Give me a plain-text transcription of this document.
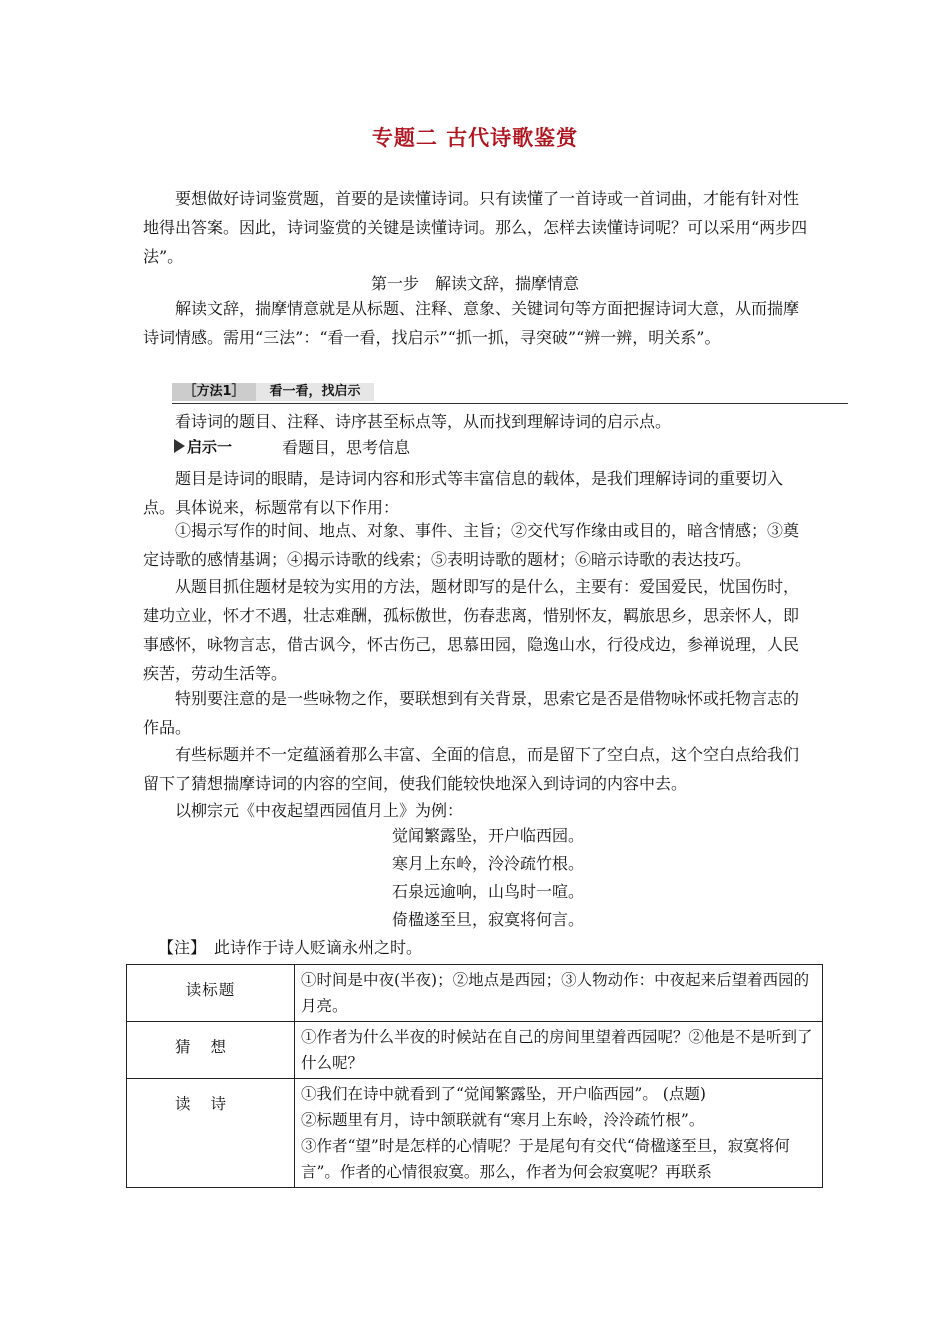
专题二 古代诗歌鉴赏
要想做好诗词鉴赏题，首要的是读懂诗词。只有读懂了一首诗或一首词曲，才能有针对性地得出答案。因此，诗词鉴赏的关键是读懂诗词。那么，怎样去读懂诗词呢？可以采用“两步四法”。
第一步　解读文辞，揣摩情意
解读文辞，揣摩情意就是从标题、注释、意象、关键词句等方面把握诗词大意，从而揣摩诗词情感。需用“三法”：“看一看，找启示”“抓一抓，寻突破”“辨一辨，明关系”。
［方法1］	看一看，找启示
看诗词的题目、注释、诗序甚至标点等，从而找到理解诗词的启示点。
启示一	看题目，思考信息
题目是诗词的眼睛，是诗词内容和形式等丰富信息的载体，是我们理解诗词的重要切入点。具体说来，标题常有以下作用：
①揭示写作的时间、地点、对象、事件、主旨；②交代写作缘由或目的，暗含情感；③奠定诗歌的感情基调；④揭示诗歌的线索；⑤表明诗歌的题材；⑥暗示诗歌的表达技巧。
从题目抓住题材是较为实用的方法，题材即写的是什么，主要有：爱国爱民，忧国伤时，建功立业，怀才不遇，壮志难酬，孤标傲世，伤春悲离，惜别怀友，羁旅思乡，思亲怀人，即事感怀，咏物言志，借古讽今，怀古伤己，思慕田园，隐逸山水，行役戍边，参禅说理，人民疾苦，劳动生活等。
特别要注意的是一些咏物之作，要联想到有关背景，思索它是否是借物咏怀或托物言志的作品。
有些标题并不一定蕴涵着那么丰富、全面的信息，而是留下了空白点，这个空白点给我们留下了猜想揣摩诗词的内容的空间，使我们能较快地深入到诗词的内容中去。
以柳宗元《中夜起望西园值月上》为例：
觉闻繁露坠，开户临西园。
寒月上东岭，泠泠疏竹根。
石泉远逾响，山鸟时一喧。
倚楹遂至旦，寂寞将何言。
【注】　此诗作于诗人贬谪永州之时。
读标题	①时间是中夜(半夜)；②地点是西园；③人物动作：中夜起来后望着西园的月亮。

猜想	①作者为什么半夜的时候站在自己的房间里望着西园呢？②他是不是听到了什么呢？

读诗	①我们在诗中就看到了“觉闻繁露坠，开户临西园”。 (点题)
②标题里有月，诗中颔联就有“寒月上东岭，泠泠疏竹根”。
③作者“望”时是怎样的心情呢？于是尾句有交代“倚楹遂至旦，寂寞将何言”。作者的心情很寂寞。那么，作者为何会寂寞呢？再联系
